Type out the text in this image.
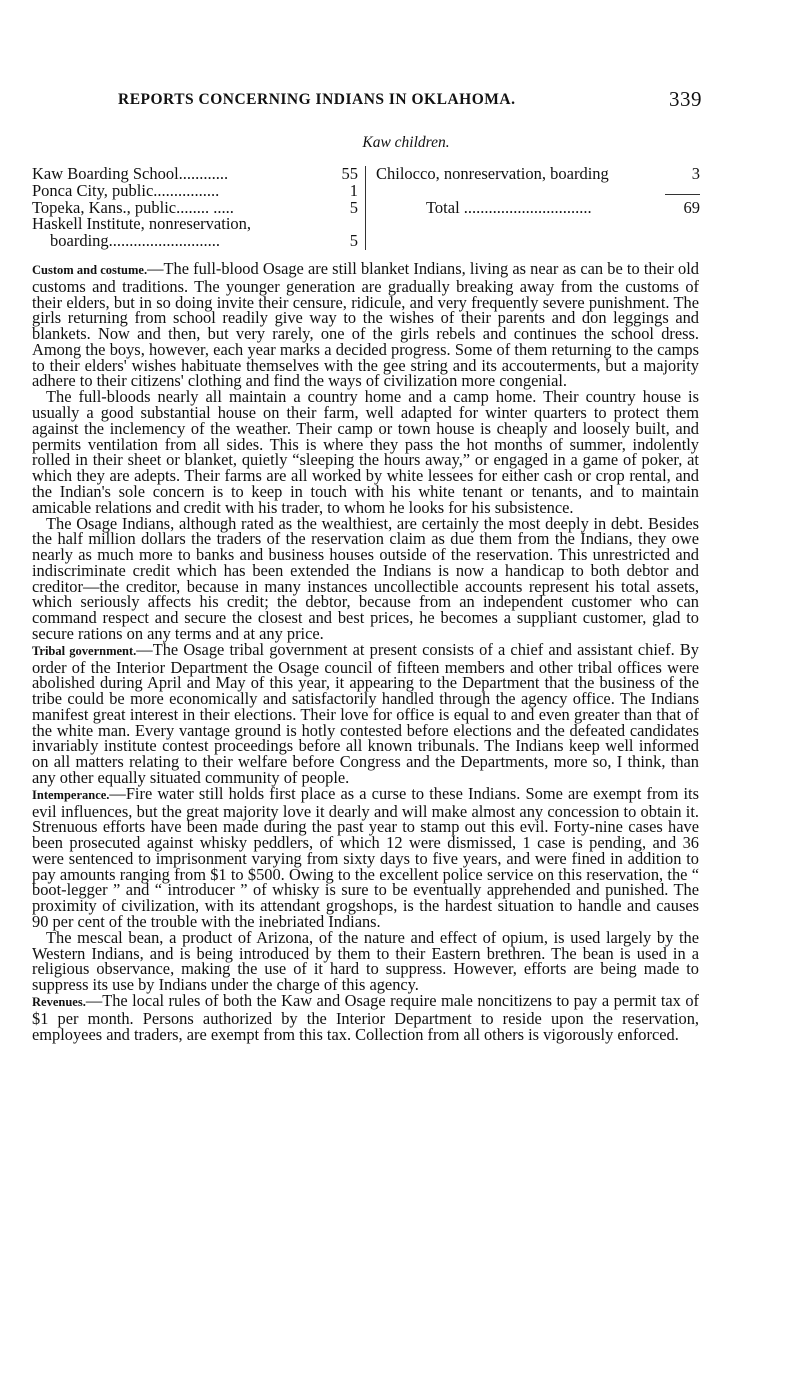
REPORTS CONCERNING INDIANS IN OKLAHOMA.	339
Kaw children.
Kaw Boarding School............	55
Ponca City, public................	1
Topeka, Kans., public........ .....	5
Haskell Institute, nonreservation,
boarding...........................	5
Chilocco, nonreservation, boarding	3
Total ...............................	69

Custom and costume.—The full-blood Osage are still blanket Indians, living as near as can be to their old customs and traditions. The younger generation are gradually breaking away from the customs of their elders, but in so doing invite their censure, ridicule, and very frequently severe punishment. The girls returning from school readily give way to the wishes of their parents and don leggings and blankets. Now and then, but very rarely, one of the girls rebels and continues the school dress. Among the boys, however, each year marks a decided progress. Some of them returning to the camps to their elders' wishes habituate themselves with the gee string and its accouterments, but a majority adhere to their citizens' clothing and find the ways of civilization more congenial.

The full-bloods nearly all maintain a country home and a camp home. Their country house is usually a good substantial house on their farm, well adapted for winter quarters to protect them against the inclemency of the weather. Their camp or town house is cheaply and loosely built, and permits ventilation from all sides. This is where they pass the hot months of summer, indolently rolled in their sheet or blanket, quietly “sleeping the hours away,” or engaged in a game of poker, at which they are adepts. Their farms are all worked by white lessees for either cash or crop rental, and the Indian's sole concern is to keep in touch with his white tenant or tenants, and to maintain amicable relations and credit with his trader, to whom he looks for his subsistence.

The Osage Indians, although rated as the wealthiest, are certainly the most deeply in debt. Besides the half million dollars the traders of the reservation claim as due them from the Indians, they owe nearly as much more to banks and business houses outside of the reservation. This unrestricted and indiscriminate credit which has been extended the Indians is now a handicap to both debtor and creditor—the creditor, because in many instances uncollectible accounts represent his total assets, which seriously affects his credit; the debtor, because from an independent customer who can command respect and secure the closest and best prices, he becomes a suppliant customer, glad to secure rations on any terms and at any price.

Tribal government.—The Osage tribal government at present consists of a chief and assistant chief. By order of the Interior Department the Osage council of fifteen members and other tribal offices were abolished during April and May of this year, it appearing to the Department that the business of the tribe could be more economically and satisfactorily handled through the agency office. The Indians manifest great interest in their elections. Their love for office is equal to and even greater than that of the white man. Every vantage ground is hotly contested before elections and the defeated candidates invariably institute contest proceedings before all known tribunals. The Indians keep well informed on all matters relating to their welfare before Congress and the Departments, more so, I think, than any other equally situated community of people.

Intemperance.—Fire water still holds first place as a curse to these Indians. Some are exempt from its evil influences, but the great majority love it dearly and will make almost any concession to obtain it. Strenuous efforts have been made during the past year to stamp out this evil. Forty-nine cases have been prosecuted against whisky peddlers, of which 12 were dismissed, 1 case is pending, and 36 were sentenced to imprisonment varying from sixty days to five years, and were fined in addition to pay amounts ranging from $1 to $500. Owing to the excellent police service on this reservation, the “ boot-legger ” and “ introducer ” of whisky is sure to be eventually apprehended and punished. The proximity of civilization, with its attendant grogshops, is the hardest situation to handle and causes 90 per cent of the trouble with the inebriated Indians.

The mescal bean, a product of Arizona, of the nature and effect of opium, is used largely by the Western Indians, and is being introduced by them to their Eastern brethren. The bean is used in a religious observance, making the use of it hard to suppress. However, efforts are being made to suppress its use by Indians under the charge of this agency.

Revenues.—The local rules of both the Kaw and Osage require male noncitizens to pay a permit tax of $1 per month. Persons authorized by the Interior Department to reside upon the reservation, employees and traders, are exempt from this tax. Collection from all others is vigorously enforced.
